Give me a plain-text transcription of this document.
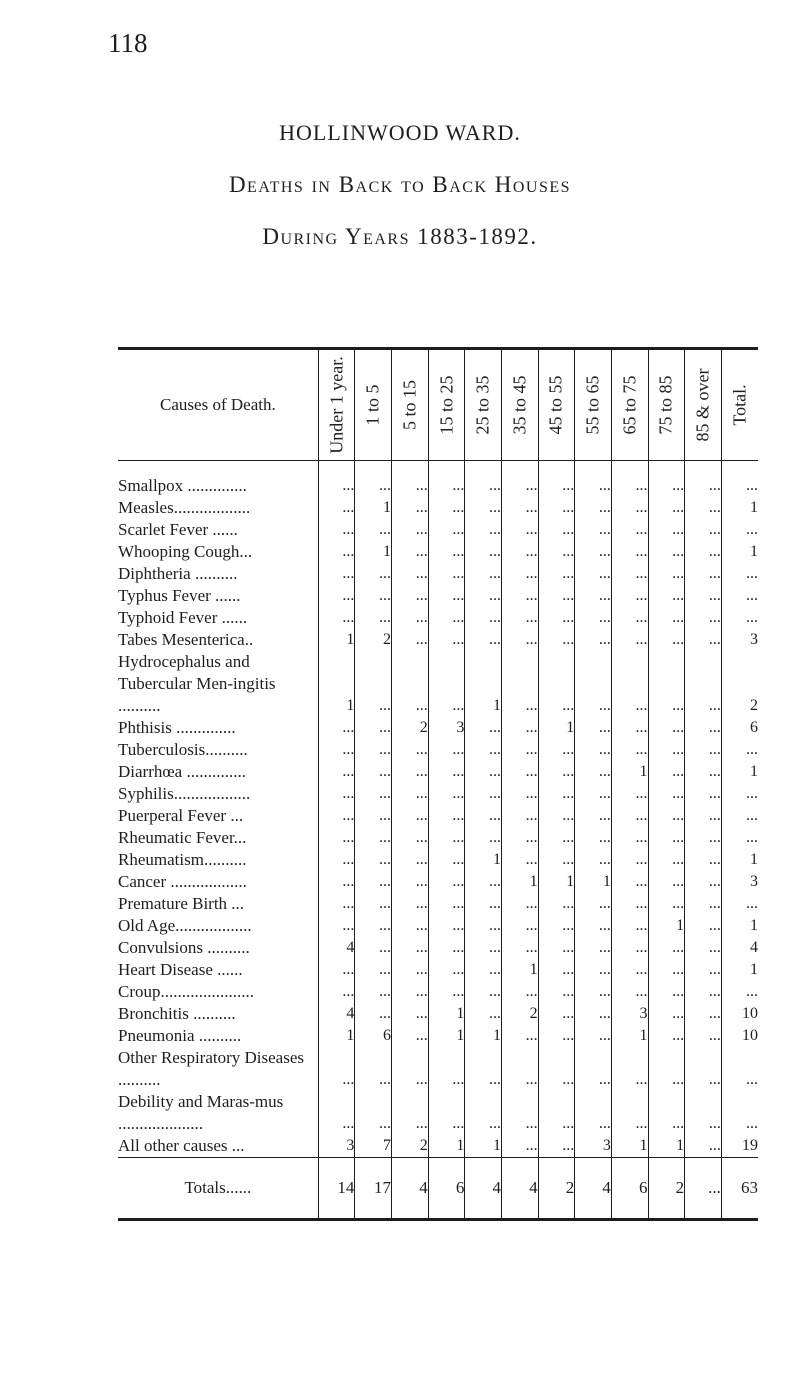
118
HOLLINWOOD WARD.
Deaths in Back to Back Houses
During Years 1883-1892.
Causes of Death.	Under 1 year.	1 to 5	5 to 15	15 to 25	25 to 35	35 to 45	45 to 55	55 to 65	65 to 75	75 to 85	85 & over	Total.

Smallpox ..............	...	...	...	...	...	...	...	...	...	...	...	...
Measles..................	...	1	...	...	...	...	...	...	...	...	...	1
Scarlet Fever ......	...	...	...	...	...	...	...	...	...	...	...	...
Whooping Cough...	...	1	...	...	...	...	...	...	...	...	...	1
Diphtheria ..........	...	...	...	...	...	...	...	...	...	...	...	...
Typhus Fever ......	...	...	...	...	...	...	...	...	...	...	...	...
Typhoid Fever ......	...	...	...	...	...	...	...	...	...	...	...	...
Tabes Mesenterica..	1	2	...	...	...	...	...	...	...	...	...	3
Hydrocephalus and Tubercular Men-ingitis ..........	1	...	...	...	1	...	...	...	...	...	...	2
Phthisis ..............	...	...	2	3	...	...	1	...	...	...	...	6
Tuberculosis..........	...	...	...	...	...	...	...	...	...	...	...	...
Diarrhœa ..............	...	...	...	...	...	...	...	...	1	...	...	1
Syphilis..................	...	...	...	...	...	...	...	...	...	...	...	...
Puerperal Fever ...	...	...	...	...	...	...	...	...	...	...	...	...
Rheumatic Fever...	...	...	...	...	...	...	...	...	...	...	...	...
Rheumatism..........	...	...	...	...	1	...	...	...	...	...	...	1
Cancer ..................	...	...	...	...	...	1	1	1	...	...	...	3
Premature Birth ...	...	...	...	...	...	...	...	...	...	...	...	...
Old Age..................	...	...	...	...	...	...	...	...	...	1	...	1
Convulsions ..........	4	...	...	...	...	...	...	...	...	...	...	4
Heart Disease ......	...	...	...	...	...	1	...	...	...	...	...	1
Croup......................	...	...	...	...	...	...	...	...	...	...	...	...
Bronchitis ..........	4	...	...	1	...	2	...	...	3	...	...	10
Pneumonia ..........	1	6	...	1	1	...	...	...	1	...	...	10
Other Respiratory Diseases ..........	...	...	...	...	...	...	...	...	...	...	...	...
Debility and Maras-mus ....................	...	...	...	...	...	...	...	...	...	...	...	...
All other causes ...	3	7	2	1	1	...	...	3	1	1	...	19
Totals......	14	17	4	6	4	4	2	4	6	2	...	63
